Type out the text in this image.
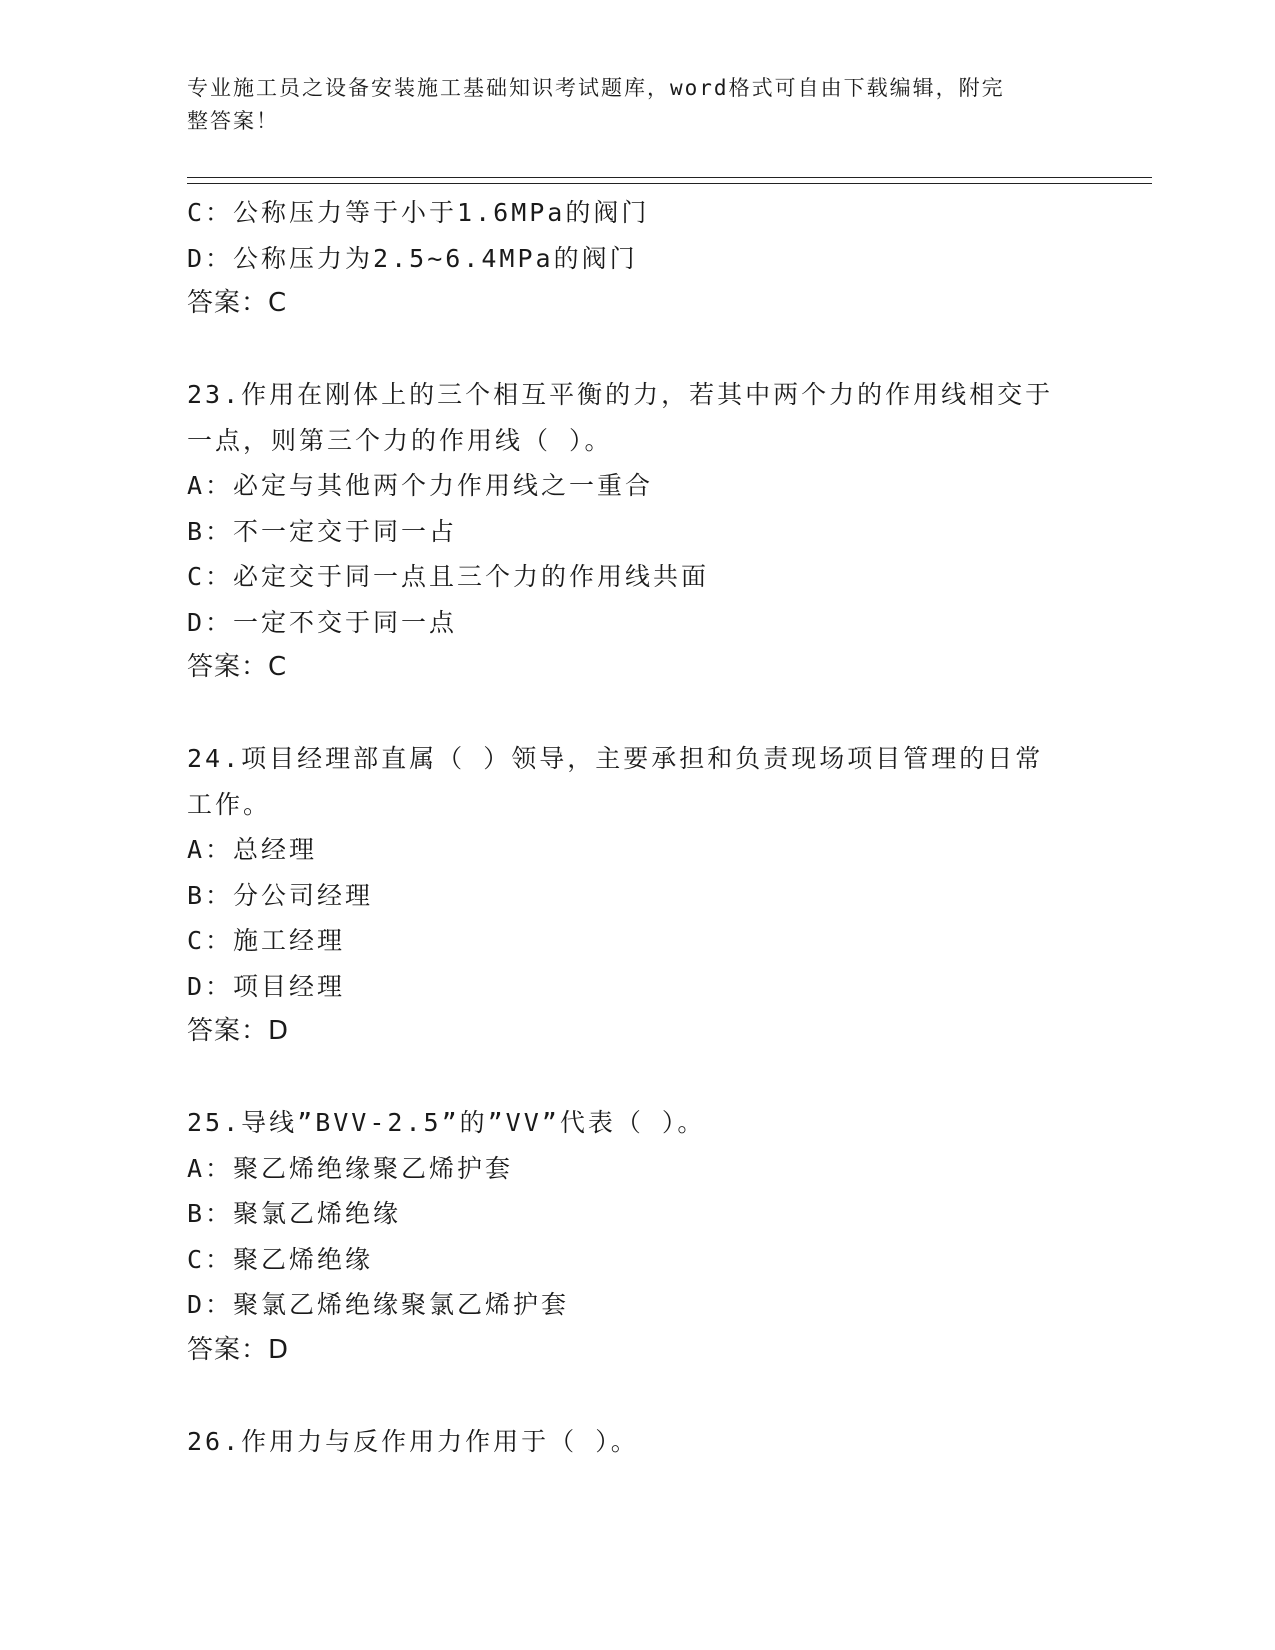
专业施工员之设备安装施工基础知识考试题库，word格式可自由下载编辑，附完
整答案！
C：公称压力等于小于1.6MPa的阀门
D：公称压力为2.5~6.4MPa的阀门
答案：C
23.作用在刚体上的三个相互平衡的力，若其中两个力的作用线相交于
一点，则第三个力的作用线（ ）。
A：必定与其他两个力作用线之一重合
B：不一定交于同一占
C：必定交于同一点且三个力的作用线共面
D：一定不交于同一点
答案：C
24.项目经理部直属（ ）领导，主要承担和负责现场项目管理的日常
工作。
A：总经理
B：分公司经理
C：施工经理
D：项目经理
答案：D
25.导线”BVV-2.5”的”VV”代表（ ）。
A：聚乙烯绝缘聚乙烯护套
B：聚氯乙烯绝缘
C：聚乙烯绝缘
D：聚氯乙烯绝缘聚氯乙烯护套
答案：D
26.作用力与反作用力作用于（ ）。
